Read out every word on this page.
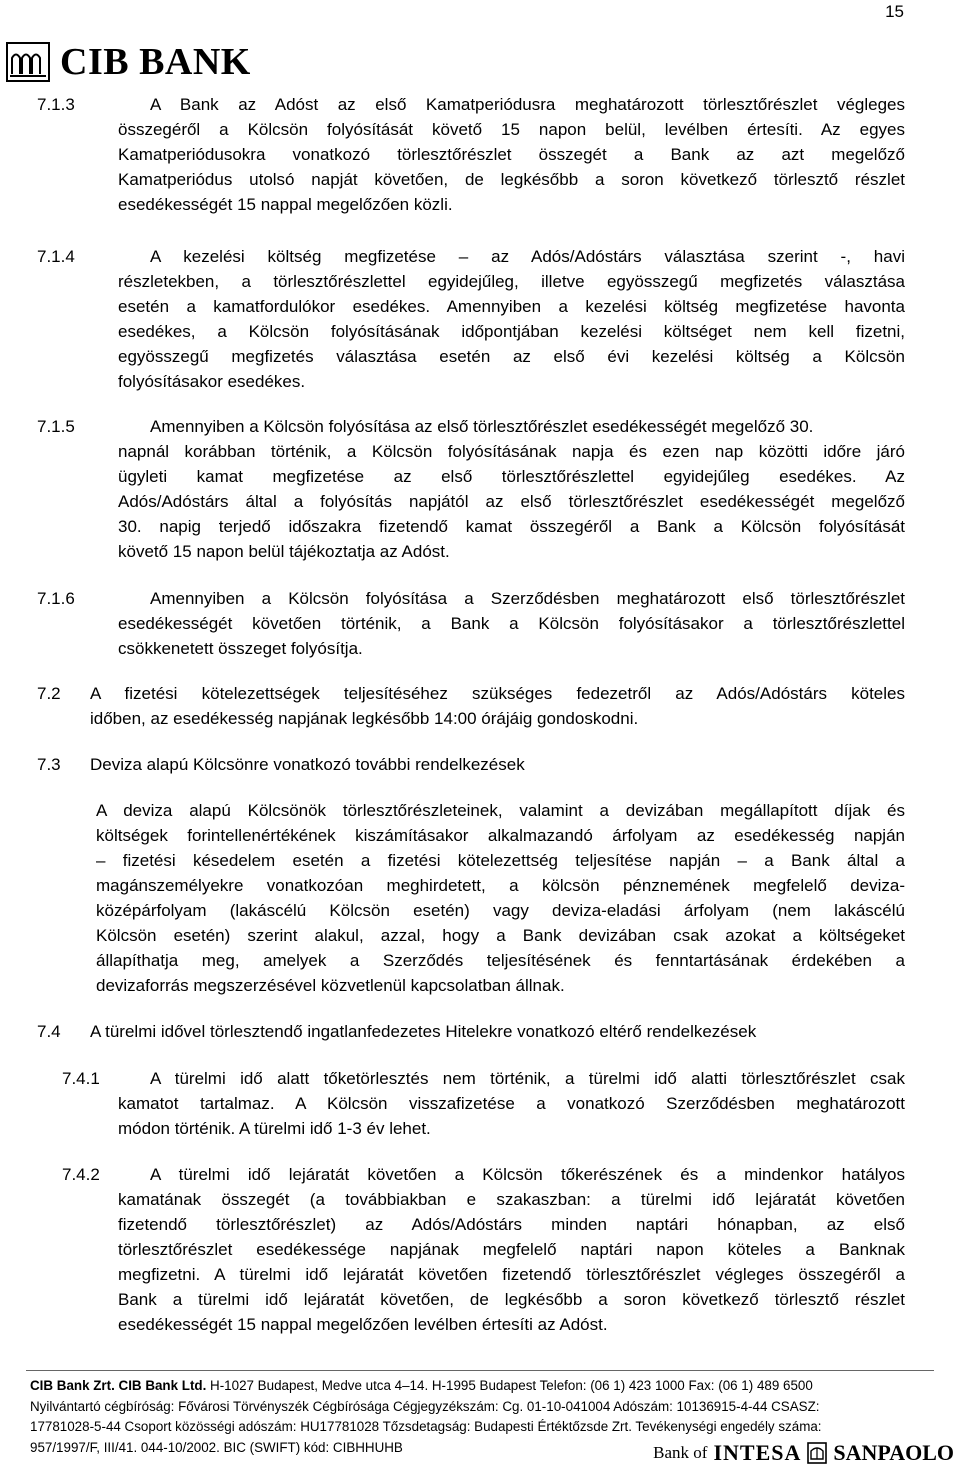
15
CIB BANK
7.1.3	A Bank az Adóst az első Kamatperiódusra meghatározott törlesztőrészlet végleges
összegéről a Kölcsön folyósítását követő 15 napon belül, levélben értesíti. Az egyes
Kamatperiódusokra vonatkozó törlesztőrészlet összegét a Bank az azt megelőző
Kamatperiódus utolsó napját követően, de legkésőbb a soron következő törlesztő részlet
esedékességét 15 nappal megelőzően közli.
7.1.4	A kezelési költség megfizetése – az Adós/Adóstárs választása szerint -, havi
részletekben, a törlesztőrészlettel egyidejűleg, illetve egyösszegű megfizetés választása
esetén a kamatfordulókor esedékes. Amennyiben a kezelési költség megfizetése havonta
esedékes, a Kölcsön folyósításának időpontjában kezelési költséget nem kell fizetni,
egyösszegű megfizetés választása esetén az első évi kezelési költség a Kölcsön
folyósításakor esedékes.
7.1.5	Amennyiben a Kölcsön folyósítása az első törlesztőrészlet esedékességét megelőző 30.
napnál korábban történik, a Kölcsön folyósításának napja és ezen nap közötti időre járó
ügyleti kamat megfizetése az első törlesztőrészlettel egyidejűleg esedékes. Az
Adós/Adóstárs által a folyósítás napjától az első törlesztőrészlet esedékességét megelőző
30. napig terjedő időszakra fizetendő kamat összegéről a Bank a Kölcsön folyósítását
követő 15 napon belül tájékoztatja az Adóst.
7.1.6	Amennyiben a Kölcsön folyósítása a Szerződésben meghatározott első törlesztőrészlet
esedékességét követően történik, a Bank a Kölcsön folyósításakor a törlesztőrészlettel
csökkenetett összeget folyósítja.
7.2 A fizetési kötelezettségek teljesítéséhez szükséges fedezetről az Adós/Adóstárs köteles
időben, az esedékesség napjának legkésőbb 14:00 órájáig gondoskodni.
7.3 Deviza alapú Kölcsönre vonatkozó további rendelkezések
A deviza alapú Kölcsönök törlesztőrészleteinek, valamint a devizában megállapított díjak és
költségek forintellenértékének kiszámításakor alkalmazandó árfolyam az esedékesség napján
– fizetési késedelem esetén a fizetési kötelezettség teljesítése napján – a Bank által a
magánszemélyekre vonatkozóan meghirdetett, a kölcsön pénznemének megfelelő deviza-
középárfolyam (lakáscélú Kölcsön esetén) vagy deviza-eladási árfolyam (nem lakáscélú
Kölcsön esetén) szerint alakul, azzal, hogy a Bank devizában csak azokat a költségeket
állapíthatja meg, amelyek a Szerződés teljesítésének és fenntartásának érdekében a
devizaforrás megszerzésével közvetlenül kapcsolatban állnak.
7.4 A türelmi idővel törlesztendő ingatlanfedezetes Hitelekre vonatkozó eltérő rendelkezések
7.4.1	A türelmi idő alatt tőketörlesztés nem történik, a türelmi idő alatti törlesztőrészlet csak
kamatot tartalmaz. A Kölcsön visszafizetése a vonatkozó Szerződésben meghatározott
módon történik. A türelmi idő 1-3 év lehet.
7.4.2	A türelmi idő lejáratát követően a Kölcsön tőkerészének és a mindenkor hatályos
kamatának összegét (a továbbiakban e szakaszban: a türelmi idő lejáratát követően
fizetendő törlesztőrészlet) az Adós/Adóstárs minden naptári hónapban, az első
törlesztőrészlet esedékessége napjának megfelelő naptári napon köteles a Banknak
megfizetni. A türelmi idő lejáratát követően fizetendő törlesztőrészlet végleges összegéről a
Bank a türelmi idő lejáratát követően, de legkésőbb a soron következő törlesztő részlet
esedékességét 15 nappal megelőzően levélben értesíti az Adóst.
CIB Bank Zrt. CIB Bank Ltd. H-1027 Budapest, Medve utca 4–14. H-1995 Budapest Telefon: (06 1) 423 1000 Fax: (06 1) 489 6500
Nyilvántartó cégbíróság: Fővárosi Törvényszék Cégbírósága Cégjegyzékszám: Cg. 01-10-041004 Adószám: 10136915-4-44 CSASZ:
17781028-5-44 Csoport közösségi adószám: HU17781028 Tőzsdetagság: Budapesti Értéktőzsde Zrt. Tevékenységi engedély száma:
957/1997/F, III/41. 044-10/2002. BIC (SWIFT) kód: CIBHHUHB	Bank of INTESA SANPAOLO
